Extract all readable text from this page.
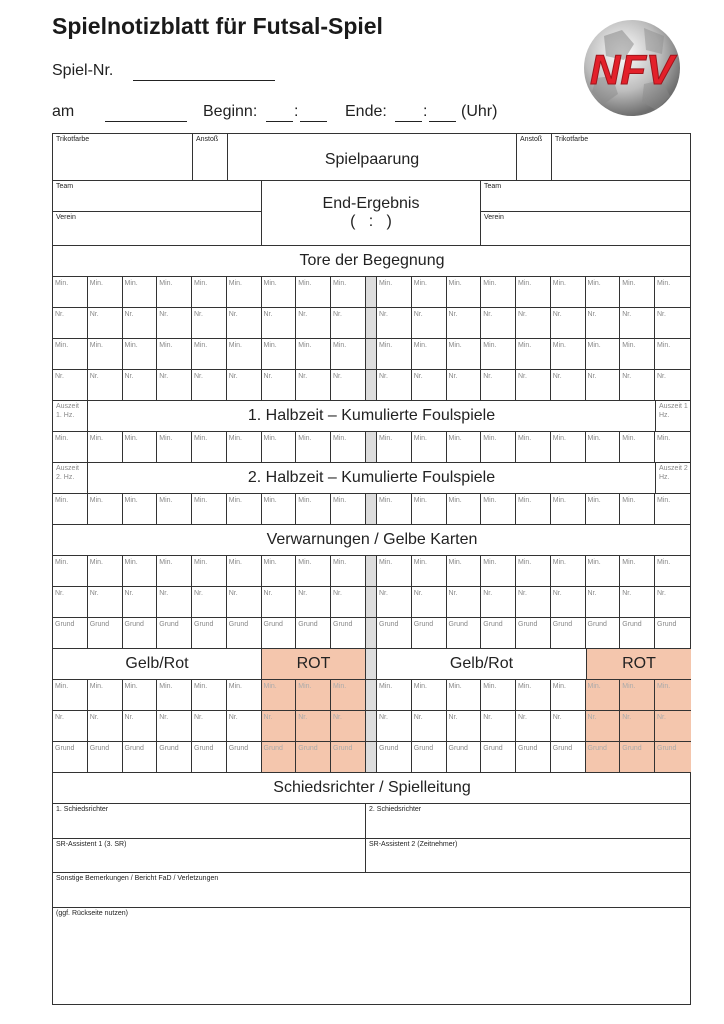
Spielnotizblatt für Futsal-Spiel
Spiel-Nr.
am	Beginn: :	Ende: : (Uhr)
NFV
Trikotfarbe	Anstoß
Spielpaarung
Anstoß	Trikotfarbe
Team
Verein
End-Ergebnis
(   :   )
Team
Verein
Tore der Begegnung
Auszeit 1. Hz.	1. Halbzeit – Kumulierte Foulspiele
Auszeit 1 Hz.
Auszeit 2. Hz.	2. Halbzeit – Kumulierte Foulspiele
Auszeit 2 Hz.
Verwarnungen / Gelbe Karten
Gelb/Rot	ROT	Gelb/Rot	ROT
Schiedsrichter / Spielleitung
1. Schiedsrichter	2. Schiedsrichter
SR-Assistent 1 (3. SR)	SR-Assistent 2 (Zeitnehmer)
Sonstige Bemerkungen / Bericht FaD / Verletzungen
(ggf. Rückseite nutzen)
Min.	Min.	Min.	Min.	Min.	Min.	Min.	Min.	Min.	Min.	Min.	Min.	Min.	Min.	Min.	Min.	Min.	Min.
Nr.	Nr.	Nr.	Nr.	Nr.	Nr.	Nr.	Nr.	Nr.	Nr.	Nr.	Nr.	Nr.	Nr.	Nr.	Nr.	Nr.	Nr.
Min.	Min.	Min.	Min.	Min.	Min.	Min.	Min.	Min.	Min.	Min.	Min.	Min.	Min.	Min.	Min.	Min.	Min.
Nr.	Nr.	Nr.	Nr.	Nr.	Nr.	Nr.	Nr.	Nr.	Nr.	Nr.	Nr.	Nr.	Nr.	Nr.	Nr.	Nr.	Nr.
Min.	Min.	Min.	Min.	Min.	Min.	Min.	Min.	Min.	Min.	Min.	Min.	Min.	Min.	Min.	Min.	Min.	Min.
Min.	Min.	Min.	Min.	Min.	Min.	Min.	Min.	Min.	Min.	Min.	Min.	Min.	Min.	Min.	Min.	Min.	Min.
Min.	Min.	Min.	Min.	Min.	Min.	Min.	Min.	Min.	Min.	Min.	Min.	Min.	Min.	Min.	Min.	Min.	Min.
Nr.	Nr.	Nr.	Nr.	Nr.	Nr.	Nr.	Nr.	Nr.	Nr.	Nr.	Nr.	Nr.	Nr.	Nr.	Nr.	Nr.	Nr.
Grund	Grund	Grund	Grund	Grund	Grund	Grund	Grund	Grund	Grund	Grund	Grund	Grund	Grund	Grund	Grund	Grund	Grund
Min.	Min.	Min.	Min.	Min.	Min.	Min.	Min.	Min.	Min.	Min.	Min.	Min.	Min.	Min.	Min.	Min.	Min.
Nr.	Nr.	Nr.	Nr.	Nr.	Nr.	Nr.	Nr.	Nr.	Nr.	Nr.	Nr.	Nr.	Nr.	Nr.	Nr.	Nr.	Nr.
Grund	Grund	Grund	Grund	Grund	Grund	Grund	Grund	Grund	Grund	Grund	Grund	Grund	Grund	Grund	Grund	Grund	Grund
